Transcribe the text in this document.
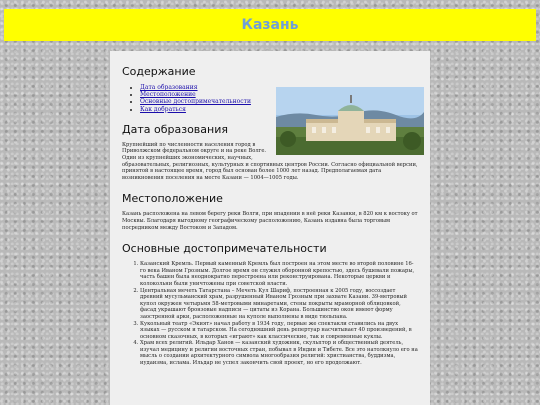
Казань
Содержание
• Дата образования
• Местоположение
• Основные достопримечательности
• Как добраться
Дата образования

Крупнейший по численности населения город в Приволжском федеральном округе и на реке Волге. Один из крупнейших экономических, научных, образовательных, религиозных, культурных и спортивных центров России. Согласно официальной версии, принятой в настоящее время, город был основан более 1000 лет назад. Предполагаемая дата возникновения поселения на месте Казани — 1004—1005 годы.

Местоположение

Казань расположена на левом берегу реки Волги, при впадении в неё реки Казанки, в 820 км к востоку от Москвы. Благодаря выгодному географическому расположению, Казань издавна была торговым посредником между Востоком и Западом.

Основные достопримечательности
1. Казанский Кремль. Первый каменный Кремль был построен на этом месте во второй половине 16-го века Иваном Грозным. Долгое время он служил оборонной крепостью, здесь бушевали пожары, часть башен была неоднократно перестроена или реконструирована. Некоторые церкви и колокольни были уничтожены при советской власти.
2. Центральная мечеть Татарстана – Мечеть Кул Шариф, построенная к 2005 году, воссоздает древний мусульманский храм, разрушенный Иваном Грозным при захвате Казани. 39-метровый купол окружен четырьмя 58-метровыми минаретами, стены покрыты мраморной облицовкой, фасад украшают бронзовые надписи — цитаты из Корана. Большинство окон имеют форму заостренной арки, расположенные на куполе выполнены в виде тюльпана.
3. Кукольный театр «Экият» начал работу в 1934 году, первые же спектакли ставились на двух языках — русском и татарском. На сегодняшний день репертуар насчитывает 40 произведений, в основном сказочных, в которых «играют» как классические, так и современные куклы.
4. Храм всех религий. Ильдар Ханов — казанский художник, скульптор и общественный деятель, изучал медицину и религии восточных стран, побывал в Индии и Тибете. Все это натолкнуло его на мысль о создании архитектурного символа многообразия религий: христианства, буддизма, иудаизма, ислама. Ильдар не успел закончить свой проект, но его продолжают.
